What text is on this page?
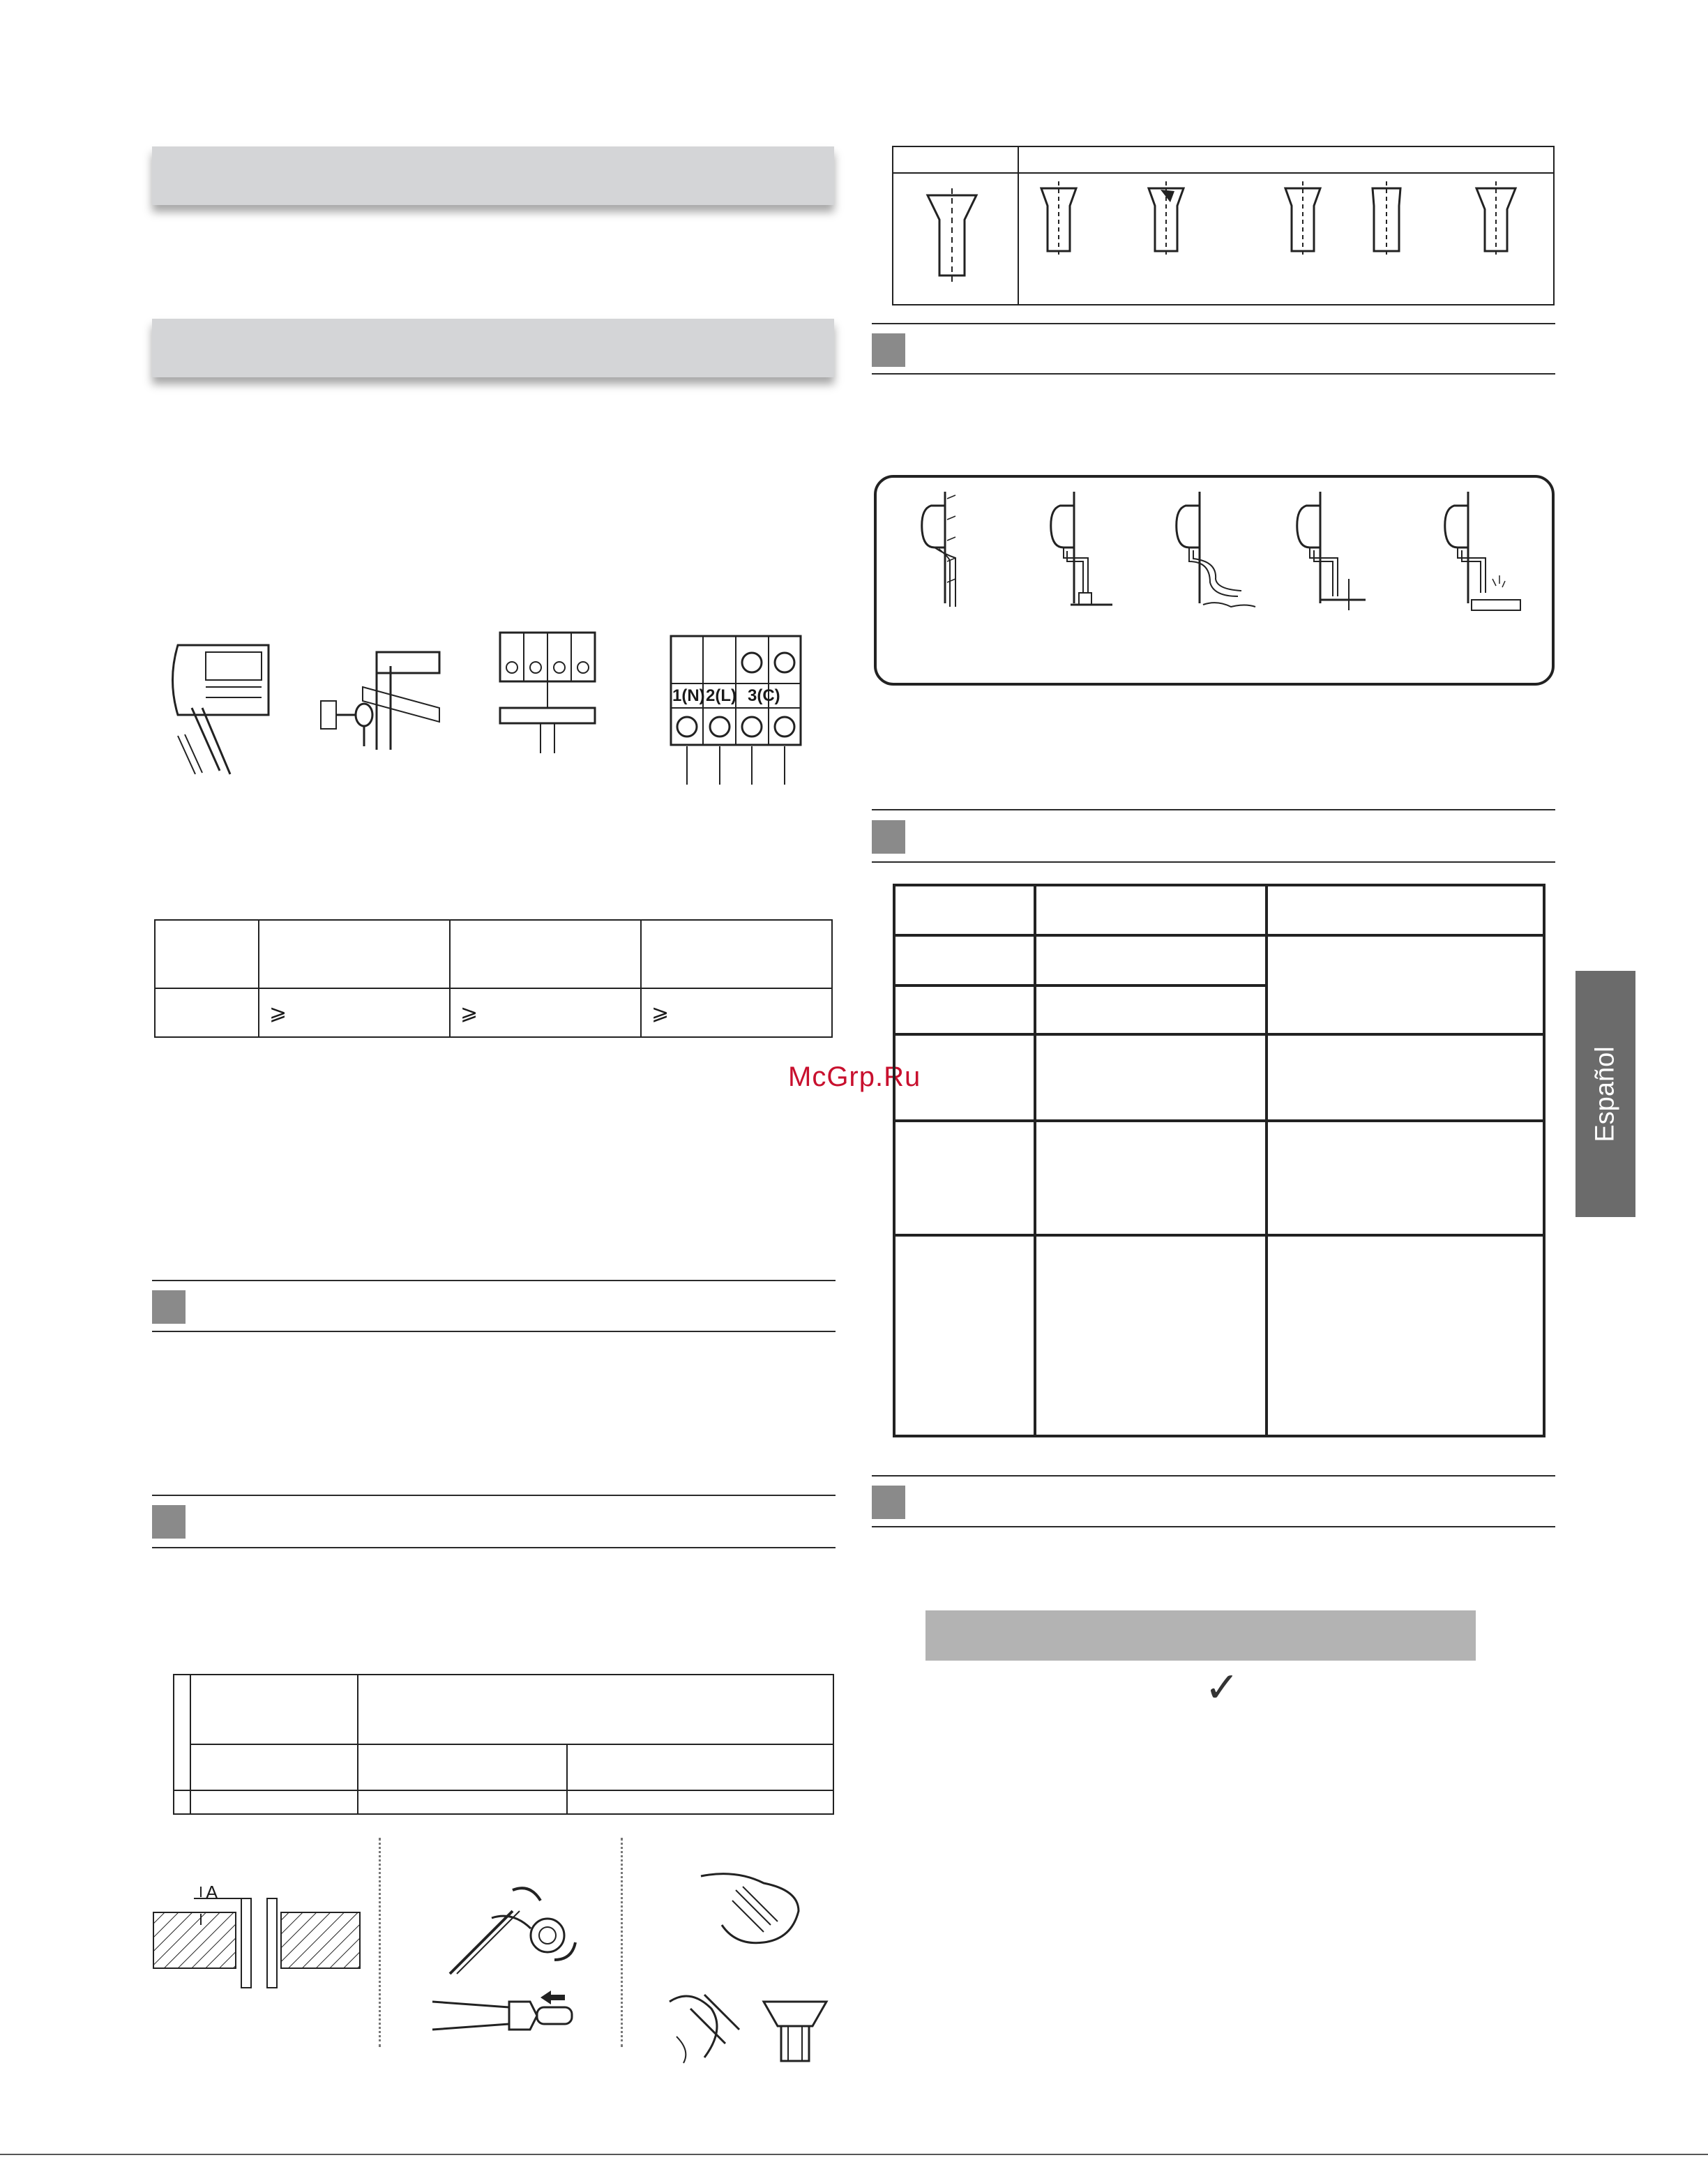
1(N) 2(L) 3(C)

	⩾	⩾	⩾
McGrp.Ru

A

Español
✓
